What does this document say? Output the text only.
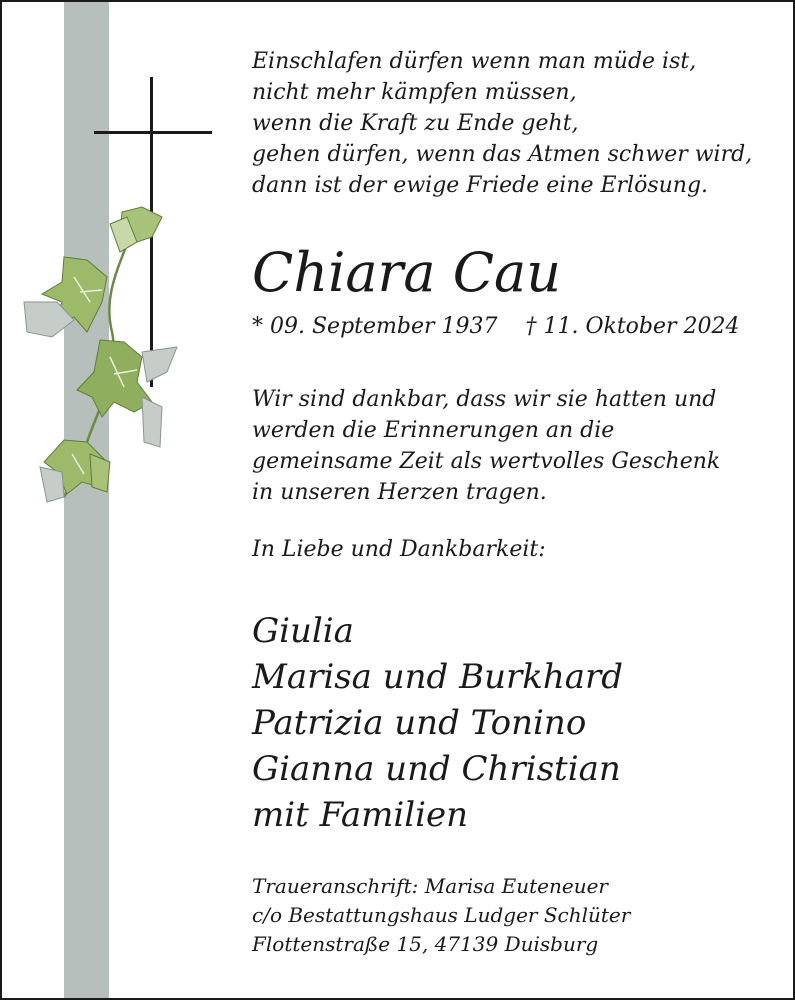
Einschlafen dürfen wenn man müde ist,
nicht mehr kämpfen müssen,
wenn die Kraft zu Ende geht,
gehen dürfen, wenn das Atmen schwer wird,
dann ist der ewige Friede eine Erlösung.
Chiara Cau
* 09. September 1937 † 11. Oktober 2024
Wir sind dankbar, dass wir sie hatten und
werden die Erinnerungen an die
gemeinsame Zeit als wertvolles Geschenk
in unseren Herzen tragen.
In Liebe und Dankbarkeit:
Giulia
Marisa und Burkhard
Patrizia und Tonino
Gianna und Christian
mit Familien
Traueranschrift: Marisa Euteneuer
c/o Bestattungshaus Ludger Schlüter
Flottenstraße 15, 47139 Duisburg
